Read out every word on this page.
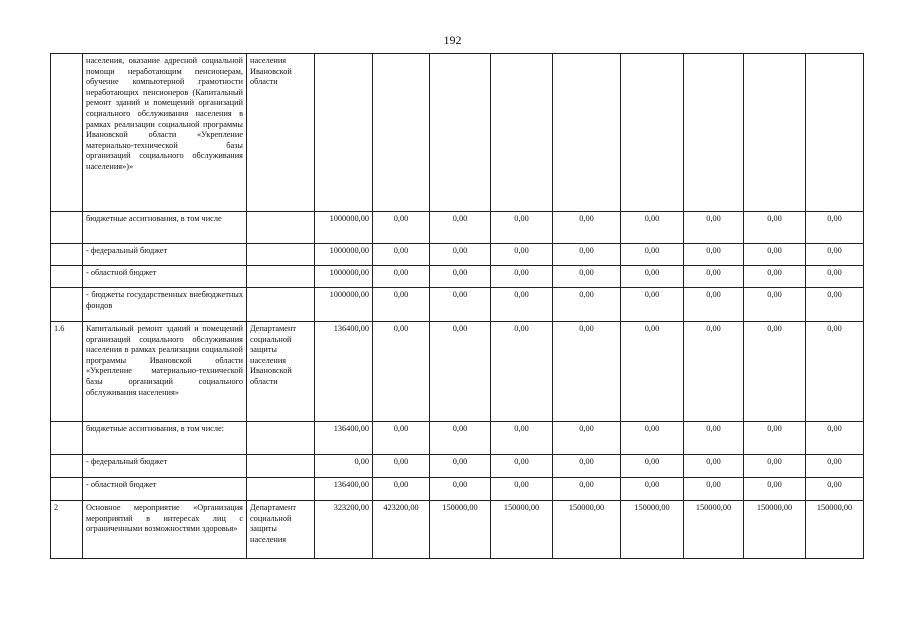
192
	населения, оказание адресной социальной помощи неработающим пенсионерам, обучение компьютерной грамотности неработающих пенсионеров (Капитальный ремонт зданий и помещений организаций социального обслуживания населения в рамках реализации социальной программы Ивановской области «Укрепление материально-технической базы организаций социального обслуживания населения»)»	населения Ивановской области									
	бюджетные ассигнования, в том числе		1000000,00	0,00	0,00	0,00	0,00	0,00	0,00	0,00	0,00
	- федеральный бюджет		1000000,00	0,00	0,00	0,00	0,00	0,00	0,00	0,00	0,00
	- областной бюджет		1000000,00	0,00	0,00	0,00	0,00	0,00	0,00	0,00	0,00
	- бюджеты государственных внебюджетных фондов		1000000,00	0,00	0,00	0,00	0,00	0,00	0,00	0,00	0,00
1.6	Капитальный ремонт зданий и помещений организаций социального обслуживания населения в рамках реализации социальной программы Ивановской области «Укрепление материально-технической базы организаций социального обслуживания населения»	Департамент социальной защиты населения Ивановской области	136400,00	0,00	0,00	0,00	0,00	0,00	0,00	0,00	0,00
	бюджетные ассигнования, в том числе:		136400,00	0,00	0,00	0,00	0,00	0,00	0,00	0,00	0,00
	- федеральный бюджет		0,00	0,00	0,00	0,00	0,00	0,00	0,00	0,00	0,00
	- областной бюджет		136400,00	0,00	0,00	0,00	0,00	0,00	0,00	0,00	0,00
2	Основное мероприятие «Организация мероприятий в интересах лиц с ограниченными возможностями здоровья»	Департамент социальной защиты населения	323200,00	423200,00	150000,00	150000,00	150000,00	150000,00	150000,00	150000,00	150000,00
